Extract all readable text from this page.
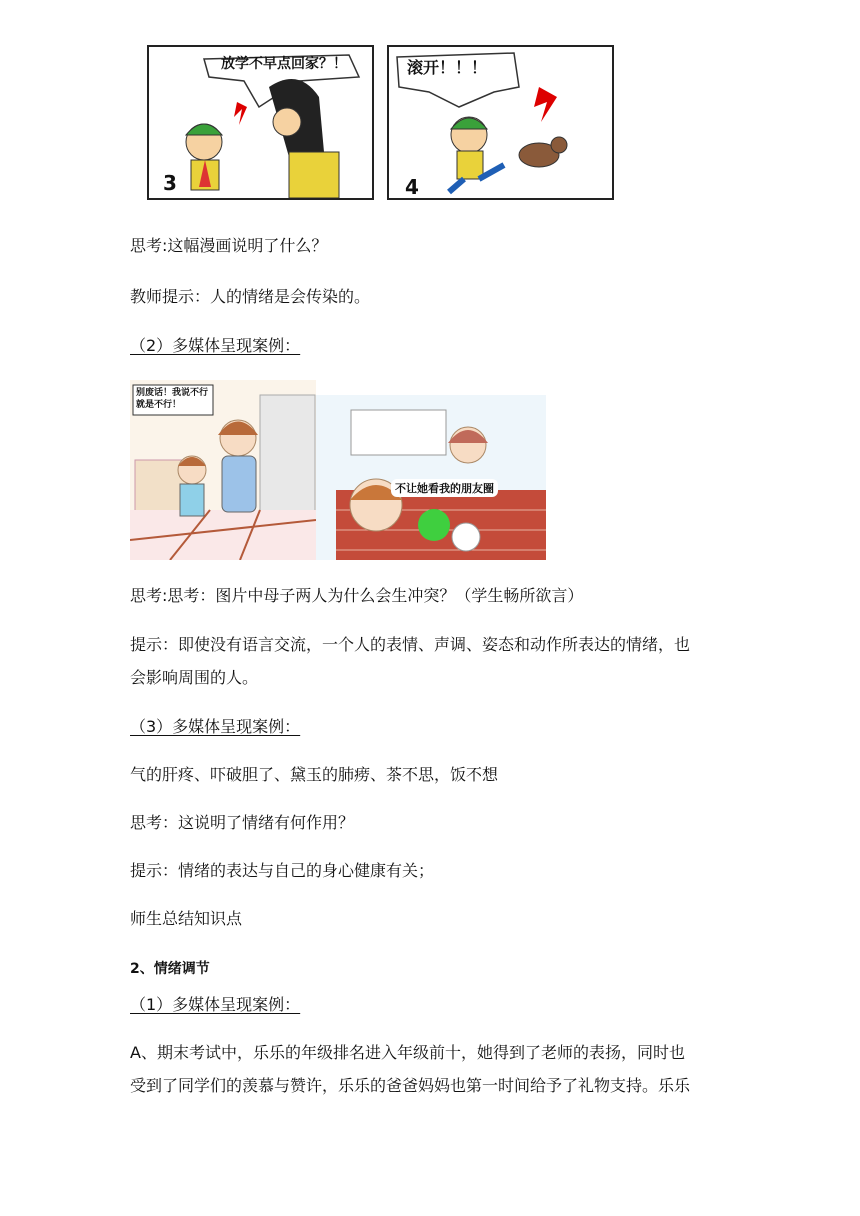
放学不早点回家？！
3
滚开！！！
4
思考:这幅漫画说明了什么？
教师提示：人的情绪是会传染的。
（2）多媒体呈现案例：
别废话！我说不行就是不行！
不让她看我的朋友圈
思考:思考：图片中母子两人为什么会生冲突？（学生畅所欲言）
提示：即使没有语言交流，一个人的表情、声调、姿态和动作所表达的情绪，也
会影响周围的人。
（3）多媒体呈现案例：
气的肝疼、吓破胆了、黛玉的肺痨、茶不思，饭不想
思考：这说明了情绪有何作用？
提示：情绪的表达与自己的身心健康有关；
师生总结知识点
2、情绪调节
（1）多媒体呈现案例：
A、期末考试中，乐乐的年级排名进入年级前十，她得到了老师的表扬，同时也
受到了同学们的羡慕与赞许，乐乐的爸爸妈妈也第一时间给予了礼物支持。乐乐
